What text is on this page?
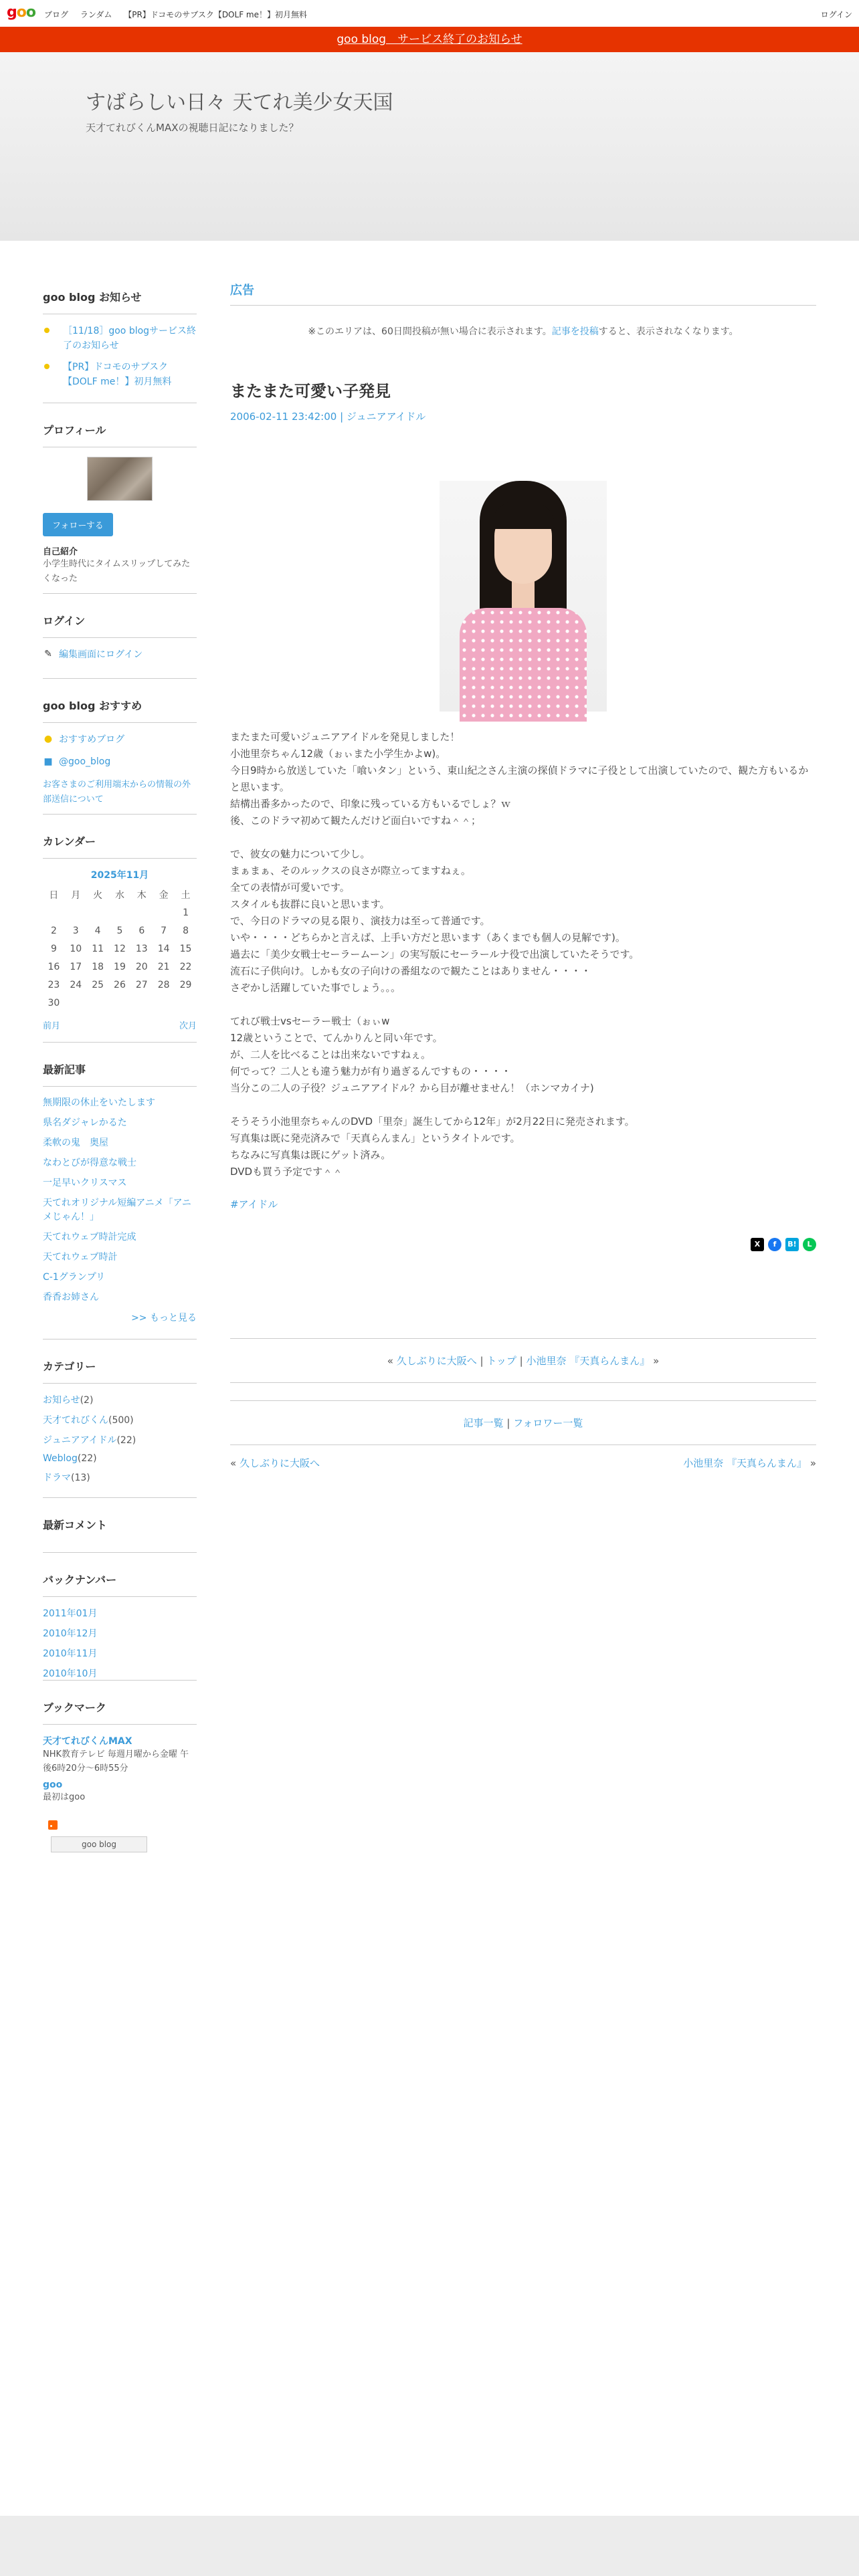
goo ブログ ランダム 【PR】ドコモのサブスク【DOLF me！】初月無料	ログイン
goo blog　サービス終了のお知らせ
すばらしい日々 天てれ美少女天国
天才てれびくんMAXの視聴日記になりました？
goo blog お知らせ
［11/18］goo blogサービス終了のお知らせ
【PR】ドコモのサブスク【DOLF me！】初月無料
プロフィール
フォローする
自己紹介
小学生時代にタイムスリップしてみたくなった
ログイン
✎ 編集画面にログイン
goo blog おすすめ
● おすすめブログ
■ @goo_blog
お客さまのご利用端末からの情報の外部送信について
カレンダー
2025年11月
日	月	火	水	木	金	土
						1
2	3	4	5	6	7	8
9	10	11	12	13	14	15
16	17	18	19	20	21	22
23	24	25	26	27	28	29
30						
前月	次月
最新記事
無期限の休止をいたします
県名ダジャレかるた
柔軟の鬼　奥屋
なわとびが得意な戦士
一足早いクリスマス
天てれオリジナル短編アニメ「アニメじゃん！」
天てれウェブ時計完成
天てれウェブ時計
C-1グランプリ
香香お姉さん
>> もっと見る
カテゴリー
お知らせ(2)
天才てれびくん(500)
ジュニアアイドル(22)
Weblog(22)
ドラマ(13)
最新コメント
バックナンバー
2011年01月
2010年12月
2010年11月
2010年10月
ブックマーク
天才てれびくんMAX
NHK教育テレビ 毎週月曜から金曜 午後6時20分〜6時55分
goo
最初はgoo
goo blog
広告
※このエリアは、60日間投稿が無い場合に表示されます。記事を投稿すると、表示されなくなります。
またまた可愛い子発見
2006-02-11 23:42:00 | ジュニアアイドル
またまた可愛いジュニアアイドルを発見しました！
小池里奈ちゃん12歳（ぉぃまた小学生かよw)。
今日9時から放送していた「喰いタン」という、東山紀之さん主演の探偵ドラマに子役として出演していたので、観た方もいるかと思います。
結構出番多かったので、印象に残っている方もいるでしょ？ｗ
後、このドラマ初めて観たんだけど面白いですね＾＾；
で、彼女の魅力について少し。
まぁまぁ、そのルックスの良さが際立ってますねぇ。
全ての表情が可愛いです。
スタイルも抜群に良いと思います。
で、今日のドラマの見る限り、演技力は至って普通です。
いや・・・・どちらかと言えば、上手い方だと思います（あくまでも個人の見解です)。
過去に「美少女戦士セーラームーン」の実写版にセーラールナ役で出演していたそうです。
流石に子供向け。しかも女の子向けの番組なので観たことはありません・・・・
さぞかし活躍していた事でしょう。。。
てれび戦士vsセーラー戦士（ぉぃw
12歳ということで、てんかりんと同い年です。
が、二人を比べることは出来ないですねぇ。
何でって？二人とも違う魅力が有り過ぎるんですもの・・・・
当分この二人の子役？ジュニアアイドル？から目が離せません！（ホンマカイナ)
そうそう小池里奈ちゃんのDVD「里奈」誕生してから12年」が2月22日に発売されます。
写真集は既に発売済みで「天真らんまん」というタイトルです。
ちなみに写真集は既にゲット済み。
DVDも買う予定です＾＾
#アイドル
X	f	B!	L
« 久しぶりに大阪へ | トップ | 小池里奈 『天真らんまん』 »
記事一覧 | フォロワー一覧
« 久しぶりに大阪へ	小池里奈 『天真らんまん』 »
